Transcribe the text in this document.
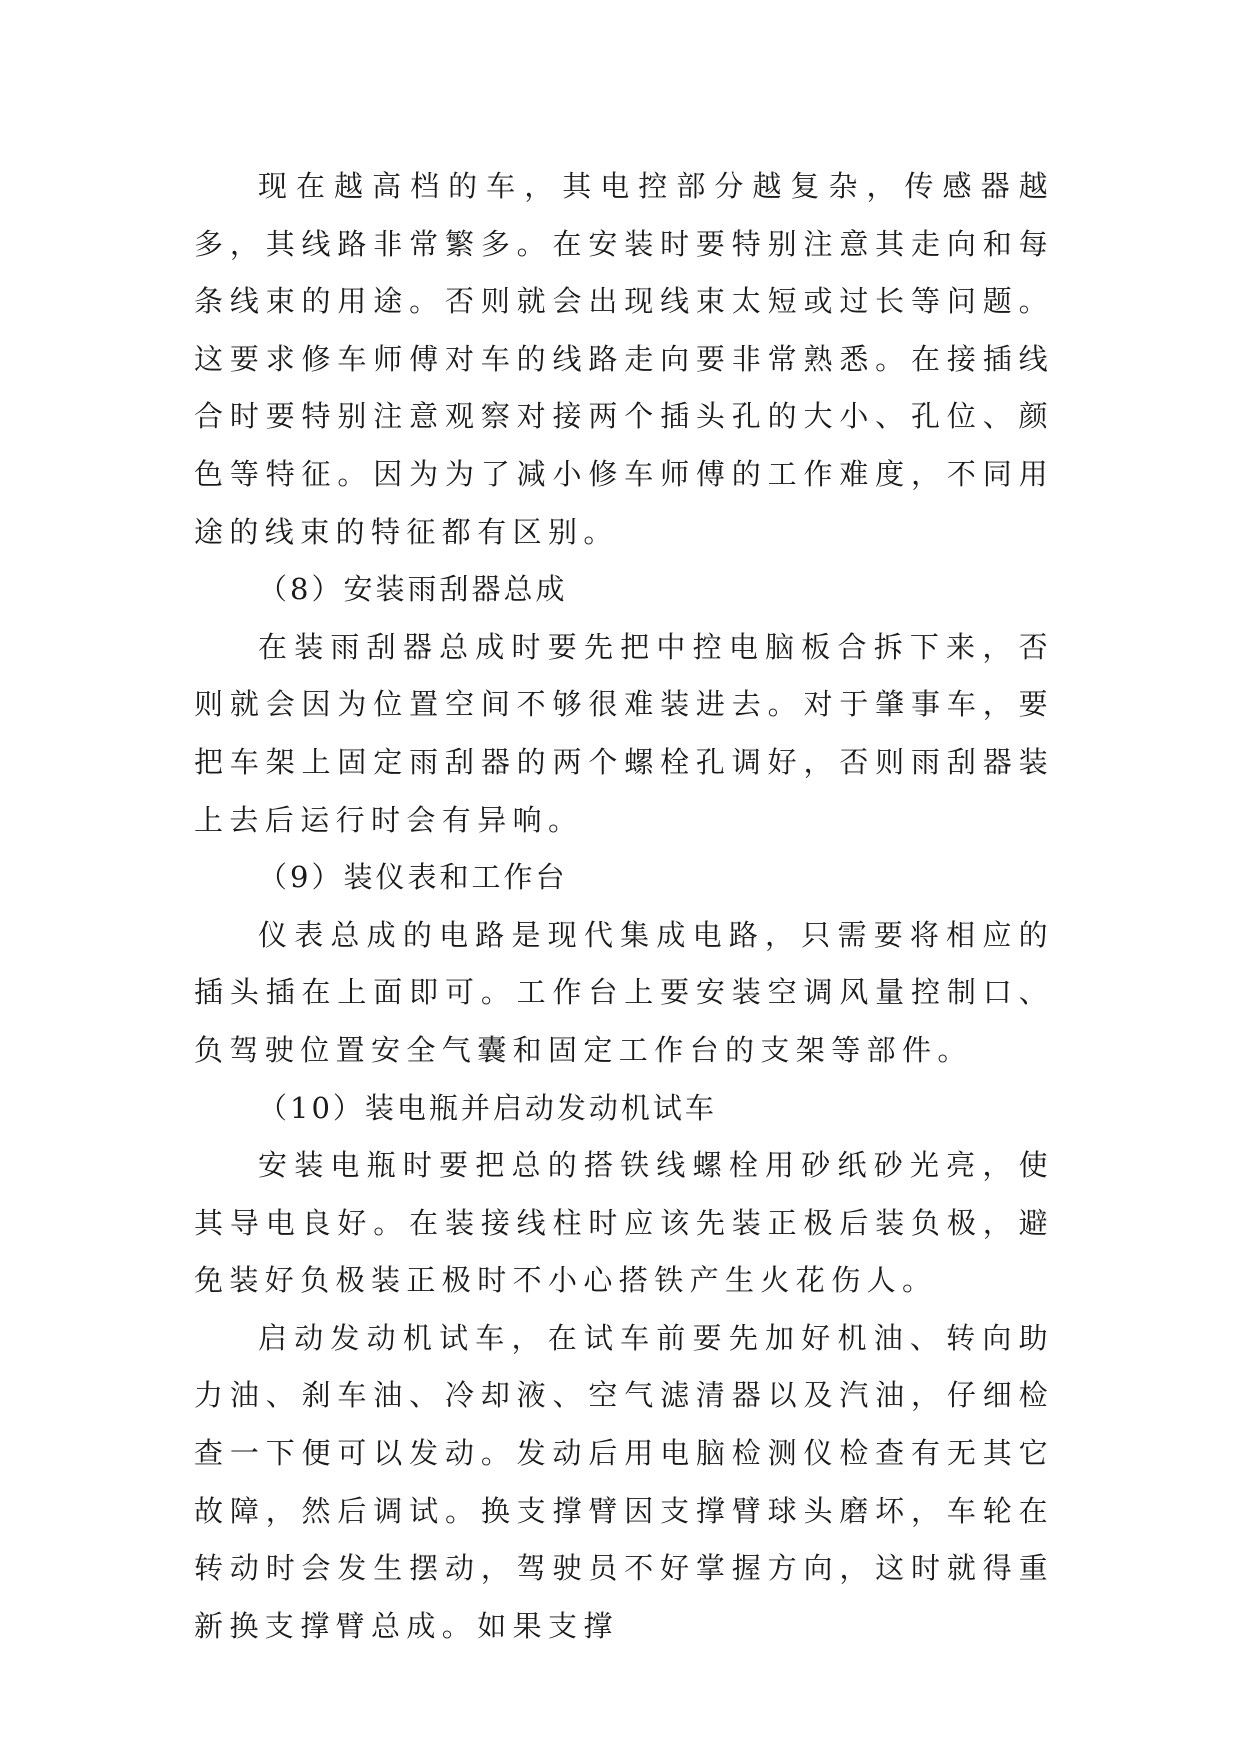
现在越高档的车，其电控部分越复杂，传感器越多，其线路非常繁多。在安装时要特别注意其走向和每条线束的用途。否则就会出现线束太短或过长等问题。这要求修车师傅对车的线路走向要非常熟悉。在接插线合时要特别注意观察对接两个插头孔的大小、孔位、颜色等特征。因为为了减小修车师傅的工作难度，不同用途的线束的特征都有区别。

（8）安装雨刮器总成

在装雨刮器总成时要先把中控电脑板合拆下来，否则就会因为位置空间不够很难装进去。对于肇事车，要把车架上固定雨刮器的两个螺栓孔调好，否则雨刮器装上去后运行时会有异响。

（9）装仪表和工作台

仪表总成的电路是现代集成电路，只需要将相应的插头插在上面即可。工作台上要安装空调风量控制口、负驾驶位置安全气囊和固定工作台的支架等部件。

（10）装电瓶并启动发动机试车

安装电瓶时要把总的搭铁线螺栓用砂纸砂光亮，使其导电良好。在装接线柱时应该先装正极后装负极，避免装好负极装正极时不小心搭铁产生火花伤人。

启动发动机试车，在试车前要先加好机油、转向助力油、刹车油、冷却液、空气滤清器以及汽油，仔细检查一下便可以发动。发动后用电脑检测仪检查有无其它故障，然后调试。换支撑臂因支撑臂球头磨坏，车轮在转动时会发生摆动，驾驶员不好掌握方向，这时就得重新换支撑臂总成。如果支撑
